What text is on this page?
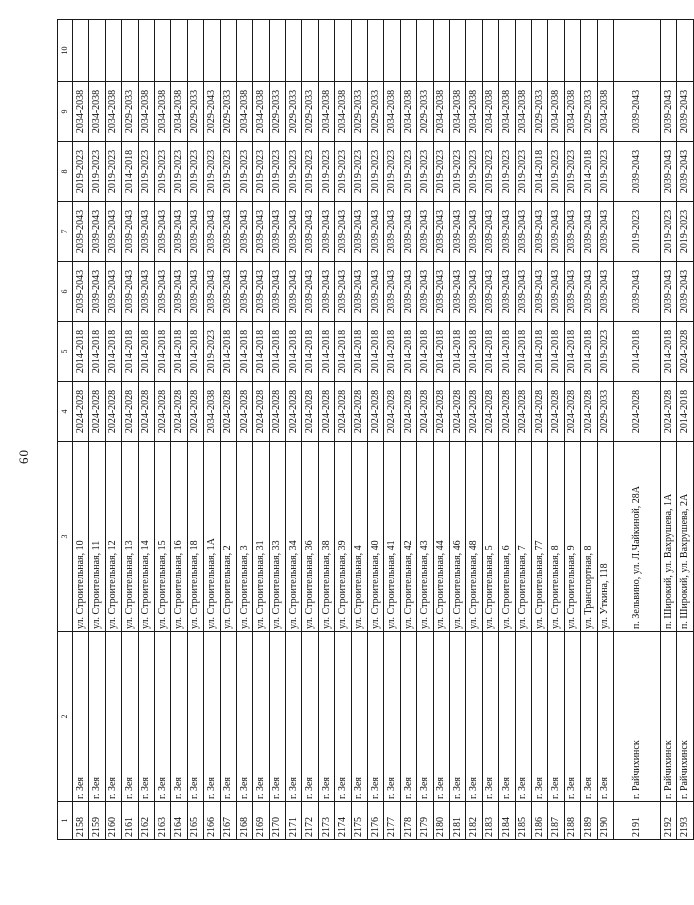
60
1	2	3	4	5	6	7	8	9	10
2158	г. Зея	ул. Строительная, 10	2024-2028	2014-2018	2039-2043	2039-2043	2019-2023	2034-2038	
2159	г. Зея	ул. Строительная, 11	2024-2028	2014-2018	2039-2043	2039-2043	2019-2023	2034-2038	
2160	г. Зея	ул. Строительная, 12	2024-2028	2014-2018	2039-2043	2039-2043	2019-2023	2034-2038	
2161	г. Зея	ул. Строительная, 13	2024-2028	2014-2018	2039-2043	2039-2043	2014-2018	2029-2033	
2162	г. Зея	ул. Строительная, 14	2024-2028	2014-2018	2039-2043	2039-2043	2019-2023	2034-2038	
2163	г. Зея	ул. Строительная, 15	2024-2028	2014-2018	2039-2043	2039-2043	2019-2023	2034-2038	
2164	г. Зея	ул. Строительная, 16	2024-2028	2014-2018	2039-2043	2039-2043	2019-2023	2034-2038	
2165	г. Зея	ул. Строительная, 18	2024-2028	2014-2018	2039-2043	2039-2043	2019-2023	2029-2033	
2166	г. Зея	ул. Строительная, 1А	2034-2038	2019-2023	2039-2043	2039-2043	2019-2023	2029-2043	
2167	г. Зея	ул. Строительная, 2	2024-2028	2014-2018	2039-2043	2039-2043	2019-2023	2029-2033	
2168	г. Зея	ул. Строительная, 3	2024-2028	2014-2018	2039-2043	2039-2043	2019-2023	2034-2038	
2169	г. Зея	ул. Строительная, 31	2024-2028	2014-2018	2039-2043	2039-2043	2019-2023	2034-2038	
2170	г. Зея	ул. Строительная, 33	2024-2028	2014-2018	2039-2043	2039-2043	2019-2023	2029-2033	
2171	г. Зея	ул. Строительная, 34	2024-2028	2014-2018	2039-2043	2039-2043	2019-2023	2029-2033	
2172	г. Зея	ул. Строительная, 36	2024-2028	2014-2018	2039-2043	2039-2043	2019-2023	2029-2033	
2173	г. Зея	ул. Строительная, 38	2024-2028	2014-2018	2039-2043	2039-2043	2019-2023	2034-2038	
2174	г. Зея	ул. Строительная, 39	2024-2028	2014-2018	2039-2043	2039-2043	2019-2023	2034-2038	
2175	г. Зея	ул. Строительная, 4	2024-2028	2014-2018	2039-2043	2039-2043	2019-2023	2029-2033	
2176	г. Зея	ул. Строительная, 40	2024-2028	2014-2018	2039-2043	2039-2043	2019-2023	2029-2033	
2177	г. Зея	ул. Строительная, 41	2024-2028	2014-2018	2039-2043	2039-2043	2019-2023	2034-2038	
2178	г. Зея	ул. Строительная, 42	2024-2028	2014-2018	2039-2043	2039-2043	2019-2023	2034-2038	
2179	г. Зея	ул. Строительная, 43	2024-2028	2014-2018	2039-2043	2039-2043	2019-2023	2029-2033	
2180	г. Зея	ул. Строительная, 44	2024-2028	2014-2018	2039-2043	2039-2043	2019-2023	2034-2038	
2181	г. Зея	ул. Строительная, 46	2024-2028	2014-2018	2039-2043	2039-2043	2019-2023	2034-2038	
2182	г. Зея	ул. Строительная, 48	2024-2028	2014-2018	2039-2043	2039-2043	2019-2023	2034-2038	
2183	г. Зея	ул. Строительная, 5	2024-2028	2014-2018	2039-2043	2039-2043	2019-2023	2034-2038	
2184	г. Зея	ул. Строительная, 6	2024-2028	2014-2018	2039-2043	2039-2043	2019-2023	2034-2038	
2185	г. Зея	ул. Строительная, 7	2024-2028	2014-2018	2039-2043	2039-2043	2019-2023	2034-2038	
2186	г. Зея	ул. Строительная, 77	2024-2028	2014-2018	2039-2043	2039-2043	2014-2018	2029-2033	
2187	г. Зея	ул. Строительная, 8	2024-2028	2014-2018	2039-2043	2039-2043	2019-2023	2034-2038	
2188	г. Зея	ул. Строительная, 9	2024-2028	2014-2018	2039-2043	2039-2043	2019-2023	2034-2038	
2189	г. Зея	ул. Транспортная, 8	2024-2028	2014-2018	2039-2043	2039-2043	2014-2018	2029-2033	
2190	г. Зея	ул. Уткина, 118	2029-2033	2019-2023	2039-2043	2039-2043	2019-2023	2034-2038	
2191	г. Райчихинск	п. Зельвино, ул. Л.Чайкиной, 28А	2024-2028	2014-2018	2039-2043	2019-2023	2039-2043	2039-2043	
2192	г. Райчихинск	п. Широкий, ул. Вахрушева, 1А	2024-2028	2014-2018	2039-2043	2019-2023	2039-2043	2039-2043	
2193	г. Райчихинск	п. Широкий, ул. Вахрушева, 2А	2014-2018	2024-2028	2039-2043	2019-2023	2039-2043	2039-2043	
